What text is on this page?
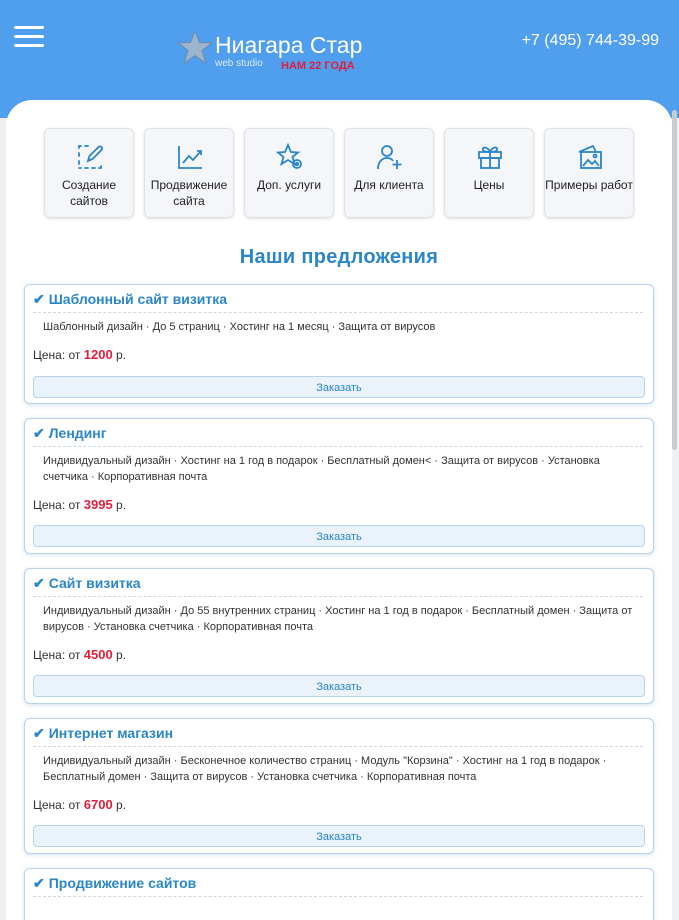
Ниагара Стар
web studio НАМ 22 ГОДА
+7 (495) 744-39-99
Создание сайтов
Продвижение сайта
Доп. услуги	Для клиента	Цены	Примеры работ
Наши предложения
✔ Шаблонный сайт визитка
Шаблонный дизайн · До 5 страниц · Хостинг на 1 месяц · Защита от вирусов
Цена: от 1200 р.
Заказать
✔ Лендинг
Индивидуальный дизайн · Хостинг на 1 год в подарок · Бесплатный домен< · Защита от вирусов · Установка счетчика · Корпоративная почта
Цена: от 3995 р.
Заказать
✔ Сайт визитка
Индивидуальный дизайн · До 55 внутренних страниц · Хостинг на 1 год в подарок · Бесплатный домен · Защита от вирусов · Установка счетчика · Корпоративная почта
Цена: от 4500 р.
Заказать
✔ Интернет магазин
Индивидуальный дизайн · Бесконечное количество страниц · Модуль "Корзина" · Хостинг на 1 год в подарок · Бесплатный домен · Защита от вирусов · Установка счетчика · Корпоративная почта
Цена: от 6700 р.
Заказать
✔ Продвижение сайтов
